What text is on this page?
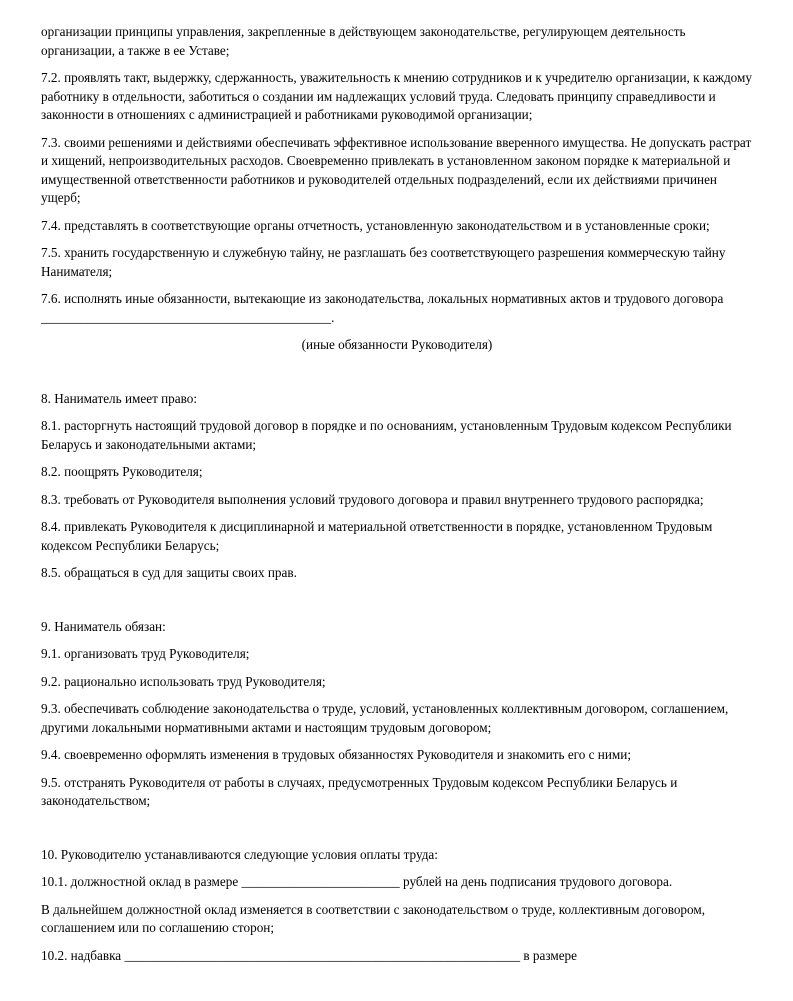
организации принципы управления, закрепленные в действующем законодательстве, регулирующем деятельность организации, а также в ее Уставе;

7.2. проявлять такт, выдержку, сдержанность, уважительность к мнению сотрудников и к учредителю организации, к каждому работнику в отдельности, заботиться о создании им надлежащих условий труда. Следовать принципу справедливости и законности в отношениях с администрацией и работниками руководимой организации;

7.3. своими решениями и действиями обеспечивать эффективное использование вверенного имущества. Не допускать растрат и хищений, непроизводительных расходов. Своевременно привлекать в установленном законом порядке к материальной и имущественной ответственности работников и руководителей отдельных подразделений, если их действиями причинен ущерб;

7.4. представлять в соответствующие органы отчетность, установленную законодательством и в установленные сроки;

7.5. хранить государственную и служебную тайну, не разглашать без соответствующего разрешения коммерческую тайну Нанимателя;

7.6. исполнять иные обязанности, вытекающие из законодательства, локальных нормативных актов и трудового договора ____________________________________________.

(иные обязанности Руководителя)

8. Наниматель имеет право:

8.1. расторгнуть настоящий трудовой договор в порядке и по основаниям, установленным Трудовым кодексом Республики Беларусь и законодательными актами;

8.2. поощрять Руководителя;

8.3. требовать от Руководителя выполнения условий трудового договора и правил внутреннего трудового распорядка;

8.4. привлекать Руководителя к дисциплинарной и материальной ответственности в порядке, установленном Трудовым кодексом Республики Беларусь;

8.5. обращаться в суд для защиты своих прав.

9. Наниматель обязан:

9.1. организовать труд Руководителя;

9.2. рационально использовать труд Руководителя;

9.3. обеспечивать соблюдение законодательства о труде, условий, установленных коллективным договором, соглашением, другими локальными нормативными актами и настоящим трудовым договором;

9.4. своевременно оформлять изменения в трудовых обязанностях Руководителя и знакомить его с ними;

9.5. отстранять Руководителя от работы в случаях, предусмотренных Трудовым кодексом Республики Беларусь и законодательством;

10. Руководителю устанавливаются следующие условия оплаты труда:

10.1. должностной оклад в размере ________________________ рублей на день подписания трудового договора.

В дальнейшем должностной оклад изменяется в соответствии с законодательством о труде, коллективным договором, соглашением или по соглашению сторон;

10.2. надбавка ____________________________________________________________ в размере
